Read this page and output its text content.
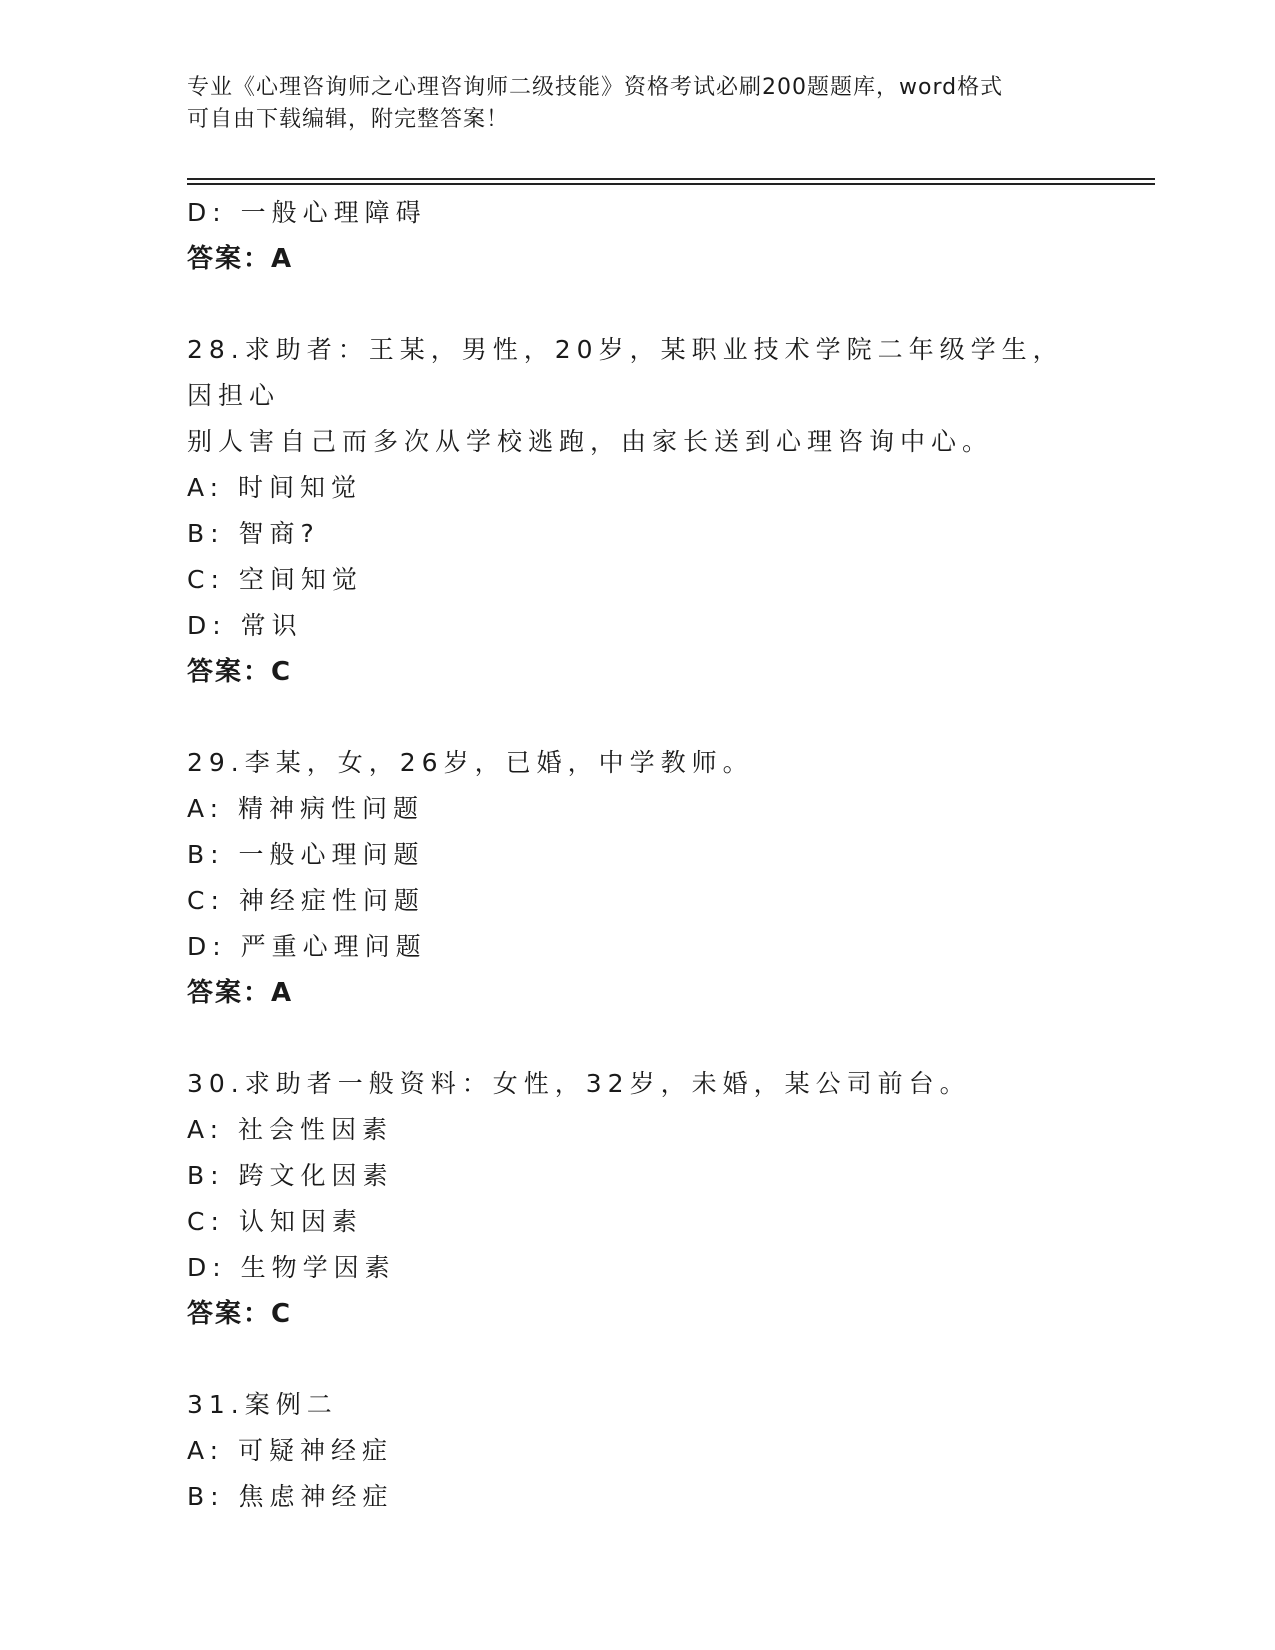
专业《心理咨询师之心理咨询师二级技能》资格考试必刷200题题库，word格式
可自由下载编辑，附完整答案！
D: 一般心理障碍
答案：A
28.求助者：王某，男性，20岁，某职业技术学院二年级学生，因担心
别人害自己而多次从学校逃跑，由家长送到心理咨询中心。
A: 时间知觉
B: 智商?
C: 空间知觉
D: 常识
答案：C
29.李某，女，26岁，已婚，中学教师。
A: 精神病性问题
B: 一般心理问题
C: 神经症性问题
D: 严重心理问题
答案：A
30.求助者一般资料：女性，32岁，未婚，某公司前台。
A: 社会性因素
B: 跨文化因素
C: 认知因素
D: 生物学因素
答案：C
31.案例二
A: 可疑神经症
B: 焦虑神经症
